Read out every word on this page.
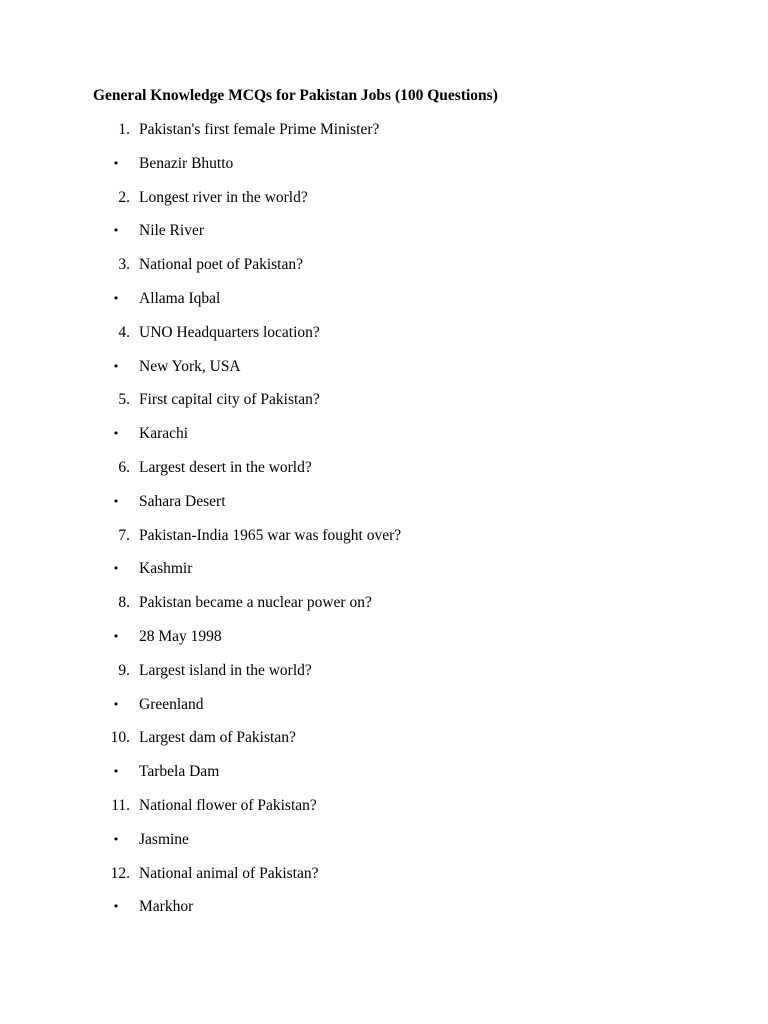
General Knowledge MCQs for Pakistan Jobs (100 Questions)
1. Pakistan's first female Prime Minister?
• Benazir Bhutto
2. Longest river in the world?
• Nile River
3. National poet of Pakistan?
• Allama Iqbal
4. UNO Headquarters location?
• New York, USA
5. First capital city of Pakistan?
• Karachi
6. Largest desert in the world?
• Sahara Desert
7. Pakistan-India 1965 war was fought over?
• Kashmir
8. Pakistan became a nuclear power on?
• 28 May 1998
9. Largest island in the world?
• Greenland
10. Largest dam of Pakistan?
• Tarbela Dam
11. National flower of Pakistan?
• Jasmine
12. National animal of Pakistan?
• Markhor
